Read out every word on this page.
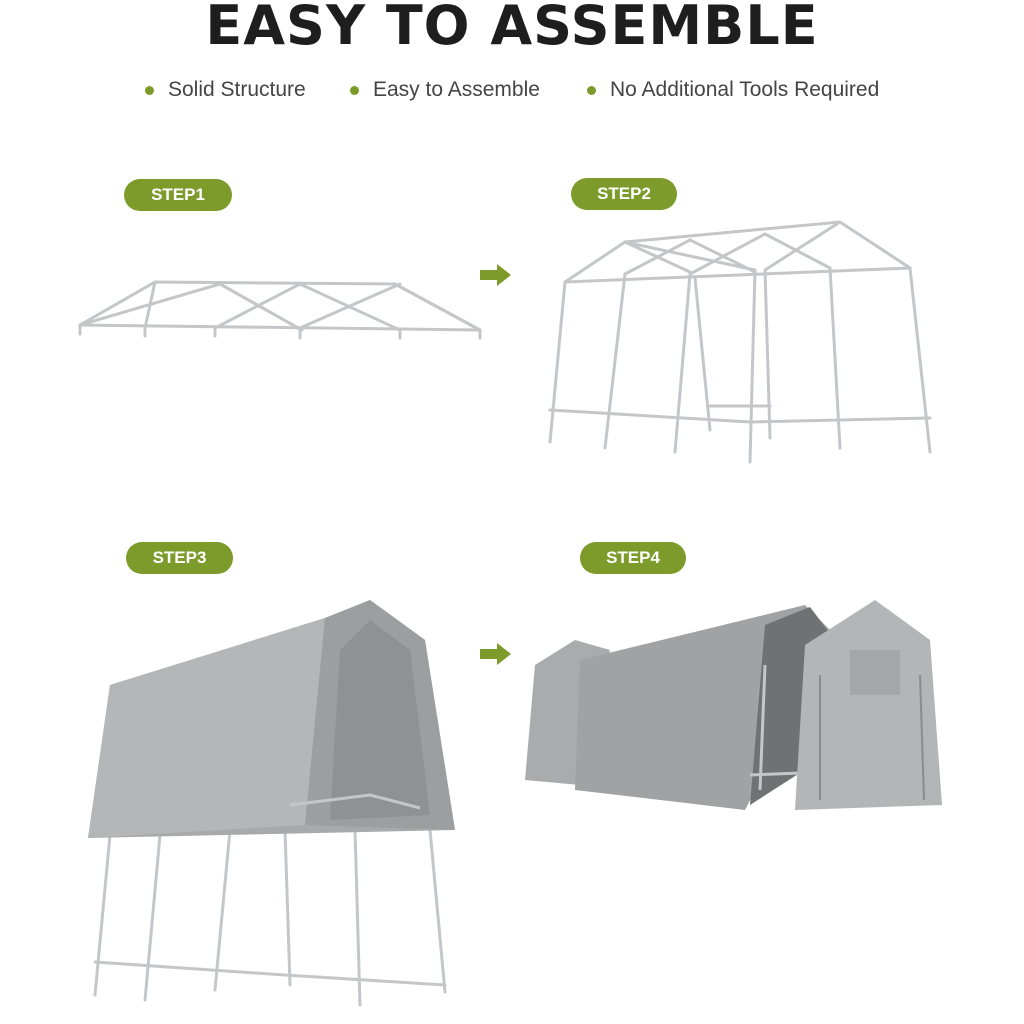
EASY TO ASSEMBLE
Solid Structure	Easy to Assemble	No Additional Tools Required
STEP1	STEP2
STEP3	STEP4
